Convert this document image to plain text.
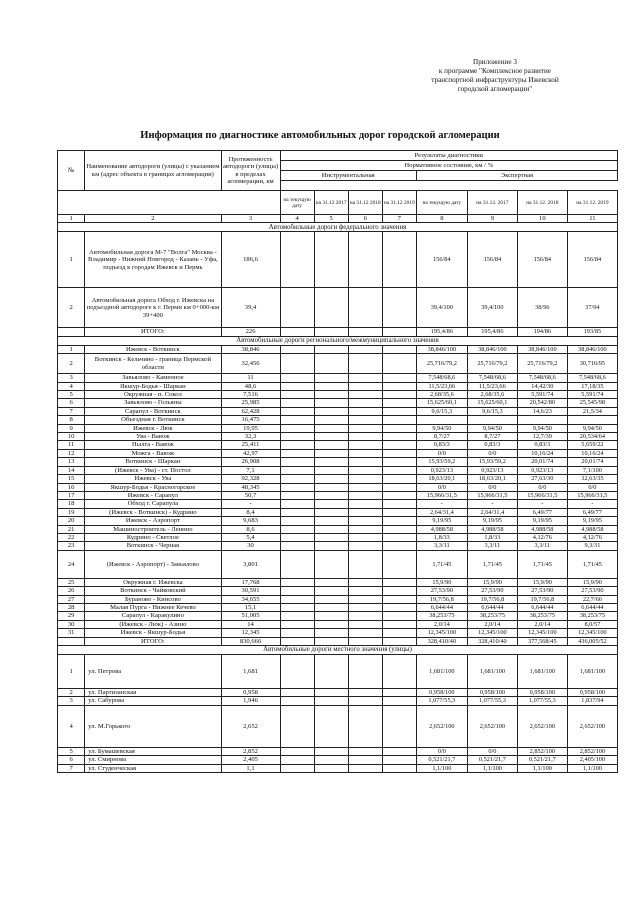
Приложение 3
к программе "Комплексное развитие
транспортной инфраструктуры Ижевской
городской агломерации"
Информация по диагностике автомобильных дорог городской агломерации
№	Наименование автодороги (улицы) с указанием км (адрес объекта в границах агломерации)	Протяженность автодороги (улицы) в пределах агломерации, км	Результаты диагностики							
			Нормативное состояние, км / %							
			Инструментальная				Экспертная			

			на текущую дату	на 31.12 2017	на 31.12 2018	на 31.12 2019	на текущую дату	на 31.12. 2017	на 31.12. 2018	на 31.12. 2019
1	2	3	4	5	6	7	8	9	10	11
Автомобильные дороги федерального значения										
1	Автомобильная дорога М-7 "Волга" Москва - Владимир - Нижний Новгород - Казань - Уфа, подъезд к городам Ижевск и Пермь	186,6					156/84	156/84	156/84	156/84
2	Автомобильная дорога Обход г. Ижевска на подъездной автодороге к г. Перми км 0+000-км 39+400	39,4					39,4/100	39,4/100	38/96	37/94
	ИТОГО:	226					195,4/86	195,4/86	194/86	193/85
Автомобильные дороги регионального/межмуниципального значения										
1	Ижевск - Воткинск	38,846					38,846/100	38,846/100	38,846/100	38,846/100
2	Воткинск - Кельчино - граница Пермской области	32,456					25,716/79,2	25,716/79,2	25,716/79,2	30,716/95
3	Завьялово - Каменное	11					7,548/68,6	7,548/68,6	7,548/68,6	7,548/68,6
4	Якшур-Бодья - Шаркан	48,6					11,5/23,66	11,5/23,66	14,42/30	17,18/35
5	Окружная - п. Сокол	7,516					2,68/35,6	2,68/35,6	5,591/74	5,591/74
6	Завьялово - Гольяны	25,985					15,625/60,1	15,625/60,1	20,542/80	25,545/98
7	Сарапул - Воткинск	62,428					9,6/15,3	9,6/15,3	14,6/23	21,5/34
8	Объездная г. Воткинск	16,475								
9	Ижевск - Люк	19,95					9,94/50	9,94/50	9,94/50	9,94/50
10	Ува - Вавож	32,3					8,7/27	8,7/27	12,7/39	20,534/64
11	Нылга - Вавож	25,411					0,83/3	0,83/3	0,83/3	5,659/22
12	Можга - Вавож	42,97					0/0	0/0	10,16/24	10,16/24
13	Воткинск - Шаркан	26,908					15,93/59,2	15,93/59,2	20,01/74	20,01/74
14	(Ижевск - Ува) - ст. Постол	7,1					0,923/13	0,923/13	0,923/13	7,1/100
15	Ижевск - Ува	92,328					18,63/20,1	18,63/20,1	27,63/30	32,63/35
16	Якшур-Бодья - Красногорское	48,345					0/0	0/0	0/0	0/0
17	Ижевск - Сарапул	50,7					15,966/31,5	15,966/31,5	15,966/31,5	15,966/31,5
18	Обход г. Сарапула	-					-	-	-	-
19	(Ижевск - Воткинск) - Кудрино	8,4					2,64/31,4	2,64/31,4	6,49/77	6,49/77
20	Ижевск - Аэропорт	9,683					9,19/95	9,19/95	9,19/95	9,19/95
21	Машиностроитель - Леннно	8,6					4,988/58	4,988/58	4,988/58	4,988/58
22	Кудрино - Светлое	5,4					1,8/33	1,8/33	4,12/76	4,12/76
23	Воткинск - Черная	30					3,3/11	3,3/11	3,3/11	9,3/31
24	(Ижевск - Аэропорт) - Завьялово	3,801					1,71/45	1,71/45	1,71/45	1,71/45
25	Окружная г. Ижевска	17,768					15,9/90	15,9/90	15,9/90	15,9/90
26	Воткинск - Чайковский	30,591					27,53/90	27,53/90	27,53/90	27,53/90
27	Бураново - Кинсово	34,655					19,7/56,8	19,7/56,8	19,7/56,8	22,7/66
28	Малая Пурга - Нижнее Кечево	15,1					6,644/44	6,644/44	6,644/44	6,644/44
29	Сарапул - Каракулино	51,005					38,253/75	38,253/75	38,253/75	38,253/75
30	(Ижевск - Люк) - Азино	14					2,0/14	2,0/14	2,0/14	8,0/57
31	Ижевск - Якшур-Бодья	12,345					12,345/100	12,345/100	12,345/100	12,345/100
	ИТОГО:	830,666					328,410/40	328,410/40	377,568/45	436,005/52
Автомобильные дороги местного значения (улицы)										
1	ул. Петрова	1,681					1,681/100	1,681/100	1,681/100	1,681/100
2	ул. Партизанская	0,958					0,958/100	0,958/100	0,958/100	0,958/100
3	ул. Сабурова	1,946					1,077/55,3	1,077/55,3	1,077/55,3	1,837/94
4	ул. М.Горького	2,652					2,652/100	2,652/100	2,652/100	2,652/100
5	ул. Бумашевская	2,852					0/0	0/0	2,852/100	2,852/100
6	ул. Смирнова	2,405					0,521/21,7	0,521/21,7	0,521/21,7	2,405/100
7	ул. Студенческая	1,1					1,1/100	1,1/100	1,1/100	1,1/100
